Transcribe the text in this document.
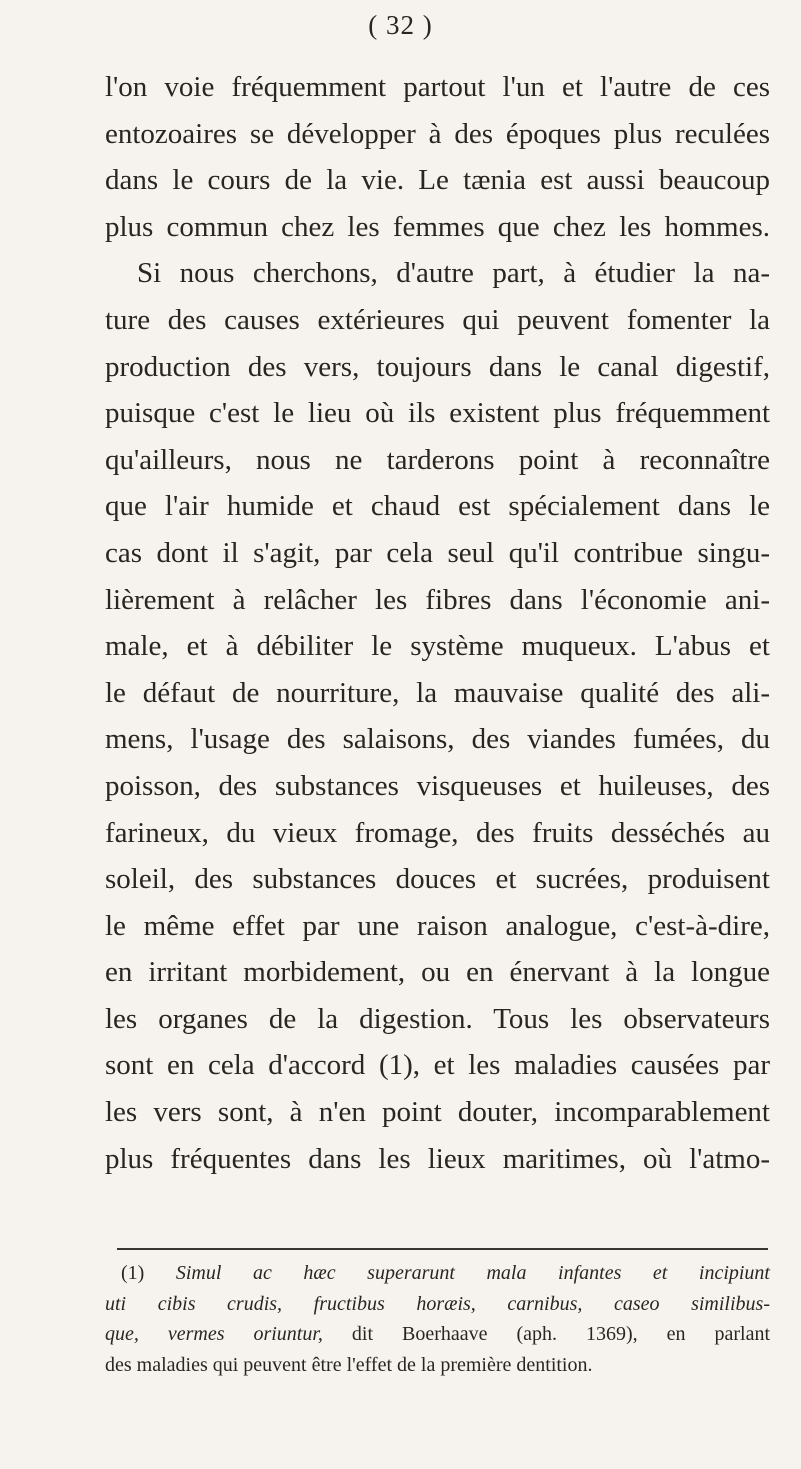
( 32 )
l'on voie fréquemment partout l'un et l'autre de ces
entozoaires se développer à des époques plus reculées
dans le cours de la vie. Le tænia est aussi beaucoup
plus commun chez les femmes que chez les hommes.
Si nous cherchons, d'autre part, à étudier la na-
ture des causes extérieures qui peuvent fomenter la
production des vers, toujours dans le canal digestif,
puisque c'est le lieu où ils existent plus fréquemment
qu'ailleurs, nous ne tarderons point à reconnaître
que l'air humide et chaud est spécialement dans le
cas dont il s'agit, par cela seul qu'il contribue singu-
lièrement à relâcher les fibres dans l'économie ani-
male, et à débiliter le système muqueux. L'abus et
le défaut de nourriture, la mauvaise qualité des ali-
mens, l'usage des salaisons, des viandes fumées, du
poisson, des substances visqueuses et huileuses, des
farineux, du vieux fromage, des fruits desséchés au
soleil, des substances douces et sucrées, produisent
le même effet par une raison analogue, c'est-à-dire,
en irritant morbidement, ou en énervant à la longue
les organes de la digestion. Tous les observateurs
sont en cela d'accord (1), et les maladies causées par
les vers sont, à n'en point douter, incomparablement
plus fréquentes dans les lieux maritimes, où l'atmo-
(1) Simul ac hæc superarunt mala infantes et incipiunt
uti cibis crudis, fructibus horæis, carnibus, caseo similibus-
que, vermes oriuntur, dit Boerhaave (aph. 1369), en parlant
des maladies qui peuvent être l'effet de la première dentition.
